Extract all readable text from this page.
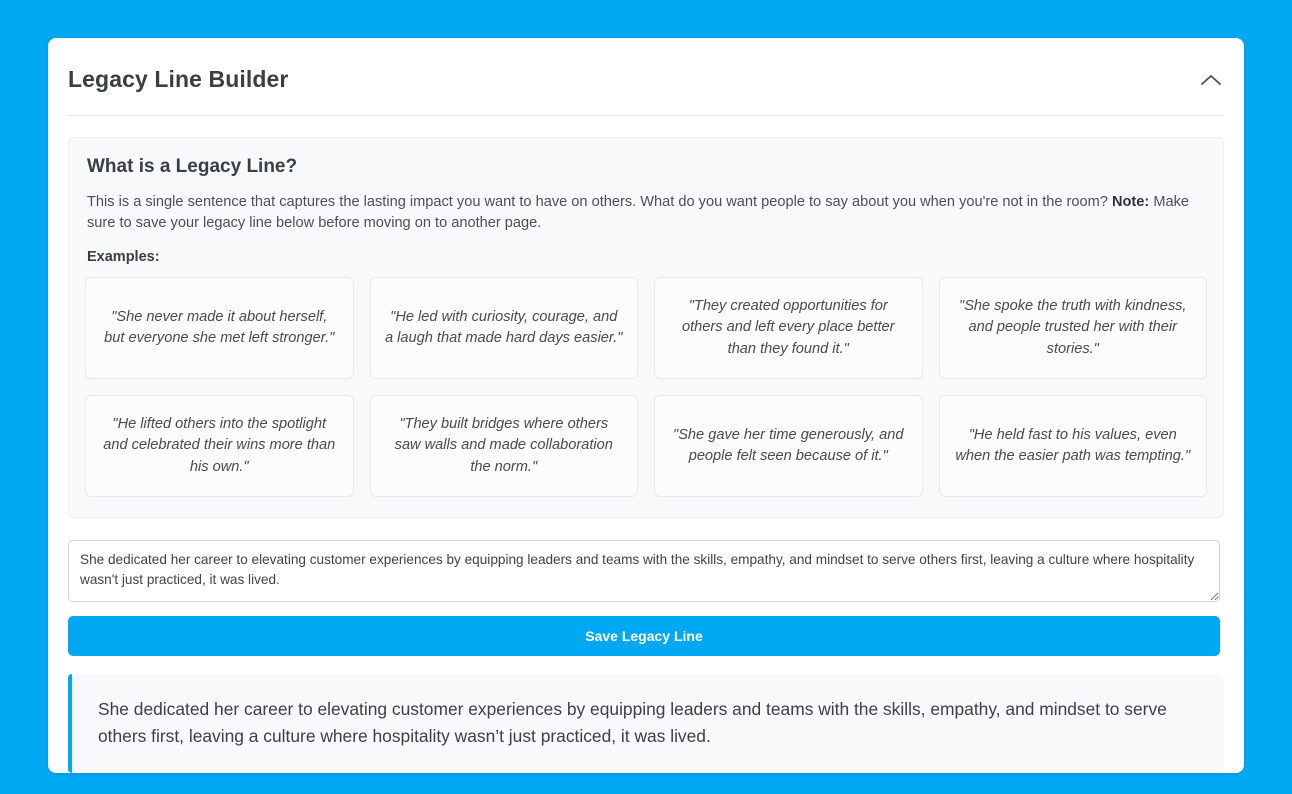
Legacy Line Builder
What is a Legacy Line?

This is a single sentence that captures the lasting impact you want to have on others. What do you want people to say about you when you're not in the room? Note: Make sure to save your legacy line below before moving on to another page.

Examples:
"She never made it about herself, but everyone she met left stronger."
"He led with curiosity, courage, and a laugh that made hard days easier."
"They created opportunities for others and left every place better than they found it."
"She spoke the truth with kindness, and people trusted her with their stories."
"He lifted others into the spotlight and celebrated their wins more than his own."
"They built bridges where others saw walls and made collaboration the norm."
"She gave her time generously, and people felt seen because of it."
"He held fast to his values, even when the easier path was tempting."
She dedicated her career to elevating customer experiences by equipping leaders and teams with the skills, empathy, and mindset to serve others first, leaving a culture where hospitality wasn't just practiced, it was lived.
Save Legacy Line

She dedicated her career to elevating customer experiences by equipping leaders and teams with the skills, empathy, and mindset to serve others first, leaving a culture where hospitality wasn’t just practiced, it was lived.
